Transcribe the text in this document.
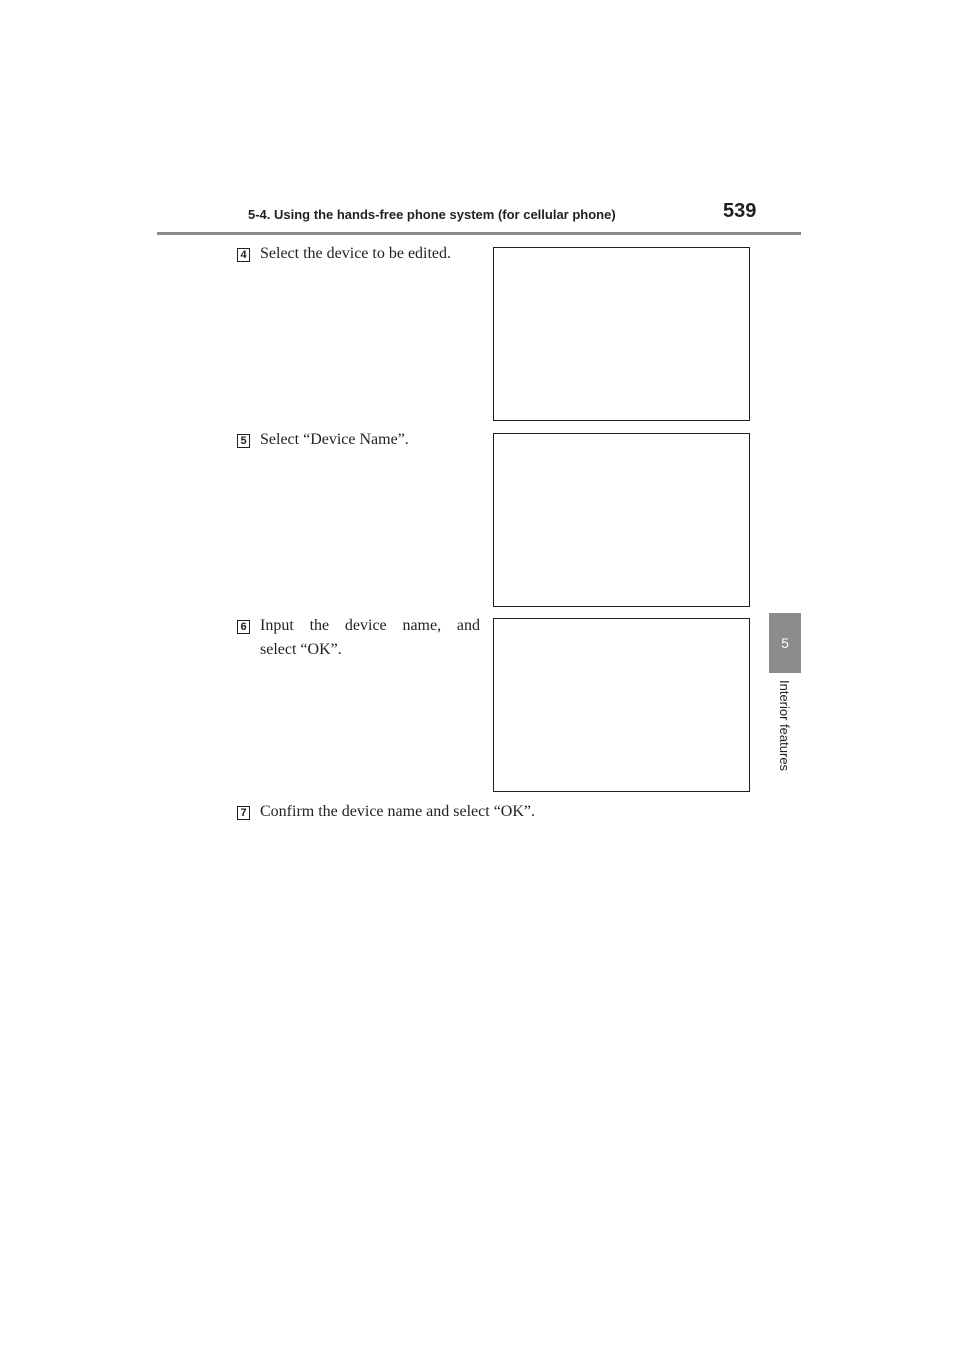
5-4. Using the hands-free phone system (for cellular phone)	539
5
Interior features
4 Select the device to be edited.
5 Select “Device Name”.
6 Input the device name, and
select “OK”.
7 Confirm the device name and select “OK”.
